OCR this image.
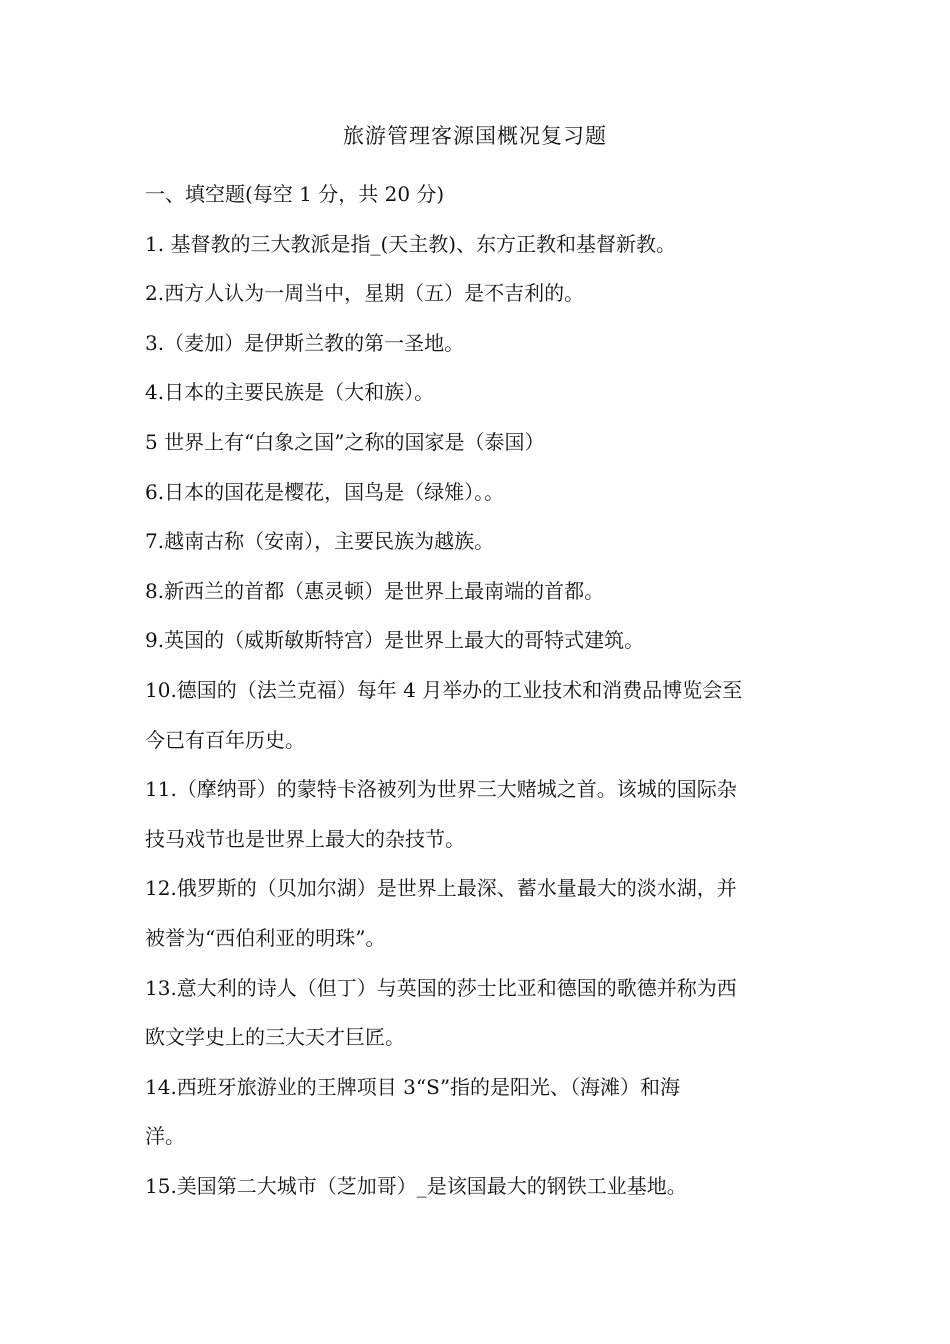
旅游管理客源国概况复习题
一、填空题(每空 1 分，共 20 分)
1. 基督教的三大教派是指_(天主教)、东方正教和基督新教。
2.西方人认为一周当中，星期（五）是不吉利的。
3.（麦加）是伊斯兰教的第一圣地。
4.日本的主要民族是（大和族）。
5 世界上有“白象之国”之称的国家是（泰国）
6.日本的国花是樱花，国鸟是（绿雉）。。
7.越南古称（安南），主要民族为越族。
8.新西兰的首都（惠灵顿）是世界上最南端的首都。
9.英国的（威斯敏斯特宫）是世界上最大的哥特式建筑。
10.德国的（法兰克福）每年 4 月举办的工业技术和消费品博览会至
今已有百年历史。
11.（摩纳哥）的蒙特卡洛被列为世界三大赌城之首。该城的国际杂
技马戏节也是世界上最大的杂技节。
12.俄罗斯的（贝加尔湖）是世界上最深、蓄水量最大的淡水湖，并
被誉为“西伯利亚的明珠”。
13.意大利的诗人（但丁）与英国的莎士比亚和德国的歌德并称为西
欧文学史上的三大天才巨匠。
14.西班牙旅游业的王牌项目 3“S”指的是阳光、（海滩）和海
洋。
15.美国第二大城市（芝加哥）_是该国最大的钢铁工业基地。
